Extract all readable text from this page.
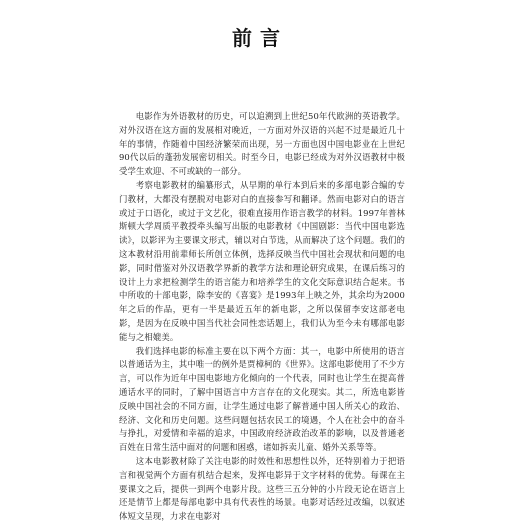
前言

电影作为外语教材的历史，可以追溯到上世纪50年代欧洲的英语教学。对外汉语在这方面的发展相对晚近，一方面对外汉语的兴起不过是最近几十年的事情，作随着中国经济繁荣而出现，另一方面也因中国电影业在上世纪90代以后的蓬勃发展密切相关。时至今日，电影已经成为对外汉语教材中极受学生欢迎、不可或缺的一部分。

考察电影教材的编纂形式，从早期的单行本到后来的多部电影合编的专门教材，大都没有摆脱对电影对白的直接参写和翻译。然而电影对白的语言或过于口语化，或过于文艺化，很难直接用作语言教学的材料。1997年普林斯顿大学周质平教授牵头编写出版的电影教材《中国剧影：当代中国电影选读》，以影评为主要课文形式，辅以对白节选，从而解决了这个问题。我们的这本教材沿用前辈师长所创立体例，选择反映当代中国社会现状和问题的电影，同时借鉴对外汉语教学界新的教学方法和理论研究成果，在课后练习的设计上力求把检测学生的语言能力和培养学生的文化交际意识结合起来。书中所收的十部电影，除李安的《喜宴》是1993年上映之外，其余均为2000年之后的作品，更有一半是最近五年的新电影，之所以保留李安这部老电影，是因为在反映中国当代社会同性恋话题上，我们认为至今未有哪部电影能与之相媲美。

我们选择电影的标准主要在以下两个方面：其一，电影中所使用的语言以普通话为主，其中唯一的例外是贾樟柯的《世界》。这部电影使用了不少方言，可以作为近年中国电影地方化倾向的一个代表，同时也让学生在提高普通话水平的同时，了解中国语言中方言存在的文化现实。其二，所选电影皆反映中国社会的不同方面，让学生通过电影了解普通中国人所关心的政治、经济、文化和历史问题。这些问题包括农民工的境遇，个人在社会中的奋斗与挣扎，对爱情和幸福的追求，中国政府经济政治改革的影响，以及普通老百姓在日常生活中面对的问题和困惑，诸如拆卖儿童、婚外关系等等。

这本电影教材除了关注电影的时效性和思想性以外，还特别着力于把语言和视觉两个方面有机结合起来，发挥电影异于文字材料的优势。每课在主要课文之后，提供一到两个电影片段。这些三五分钟的小片段无论在语言上还是情节上都是每部电影中具有代表性的场景。电影对话经过改编，以叙述体短文呈现，力求在电影对
